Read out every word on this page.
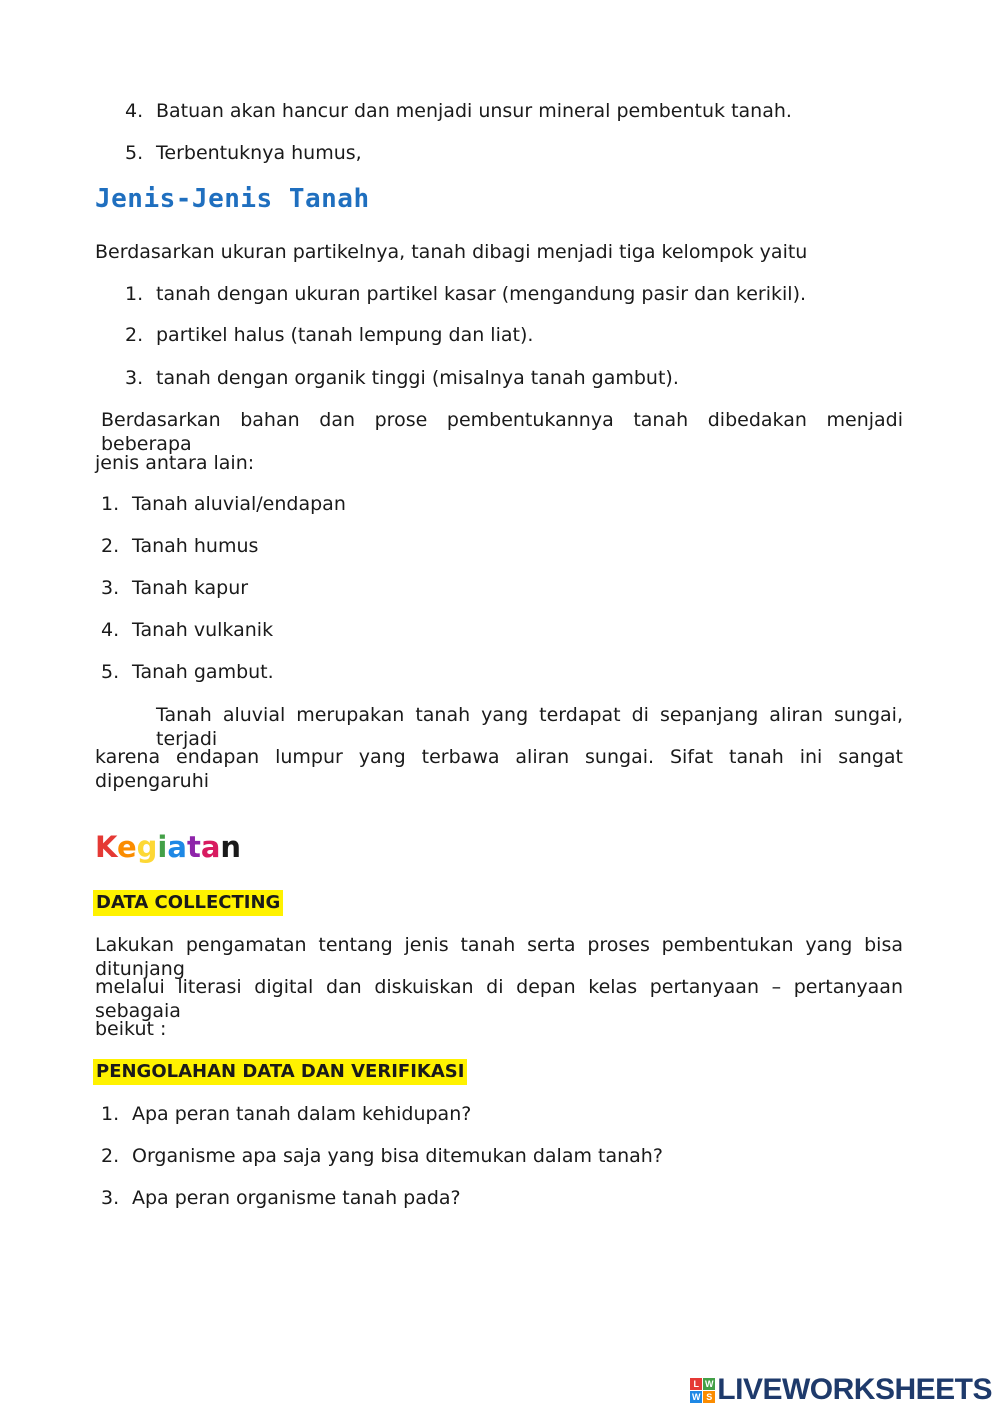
4. Batuan akan hancur dan menjadi unsur mineral pembentuk tanah.
5. Terbentuknya humus,
Jenis-Jenis Tanah
Berdasarkan ukuran partikelnya, tanah dibagi menjadi tiga kelompok yaitu
1. tanah dengan ukuran partikel kasar (mengandung pasir dan kerikil).
2. partikel halus (tanah lempung dan liat).
3. tanah dengan organik tinggi (misalnya tanah gambut).
Berdasarkan bahan dan prose pembentukannya tanah dibedakan menjadi beberapa
jenis antara lain:
1. Tanah aluvial/endapan
2. Tanah humus
3. Tanah kapur
4. Tanah vulkanik
5. Tanah gambut.
Tanah aluvial merupakan tanah yang terdapat di sepanjang aliran sungai, terjadi
karena endapan lumpur yang terbawa aliran sungai. Sifat tanah ini sangat dipengaruhi
Kegiatan
DATA COLLECTING
Lakukan pengamatan tentang jenis tanah serta proses pembentukan yang bisa ditunjang
melalui literasi digital dan diskuiskan di depan kelas pertanyaan – pertanyaan sebagaia
beikut :
PENGOLAHAN DATA DAN VERIFIKASI
1. Apa peran tanah dalam kehidupan?
2. Organisme apa saja yang bisa ditemukan dalam tanah?
3. Apa peran organisme tanah pada?
L W
W S LIVEWORKSHEETS
